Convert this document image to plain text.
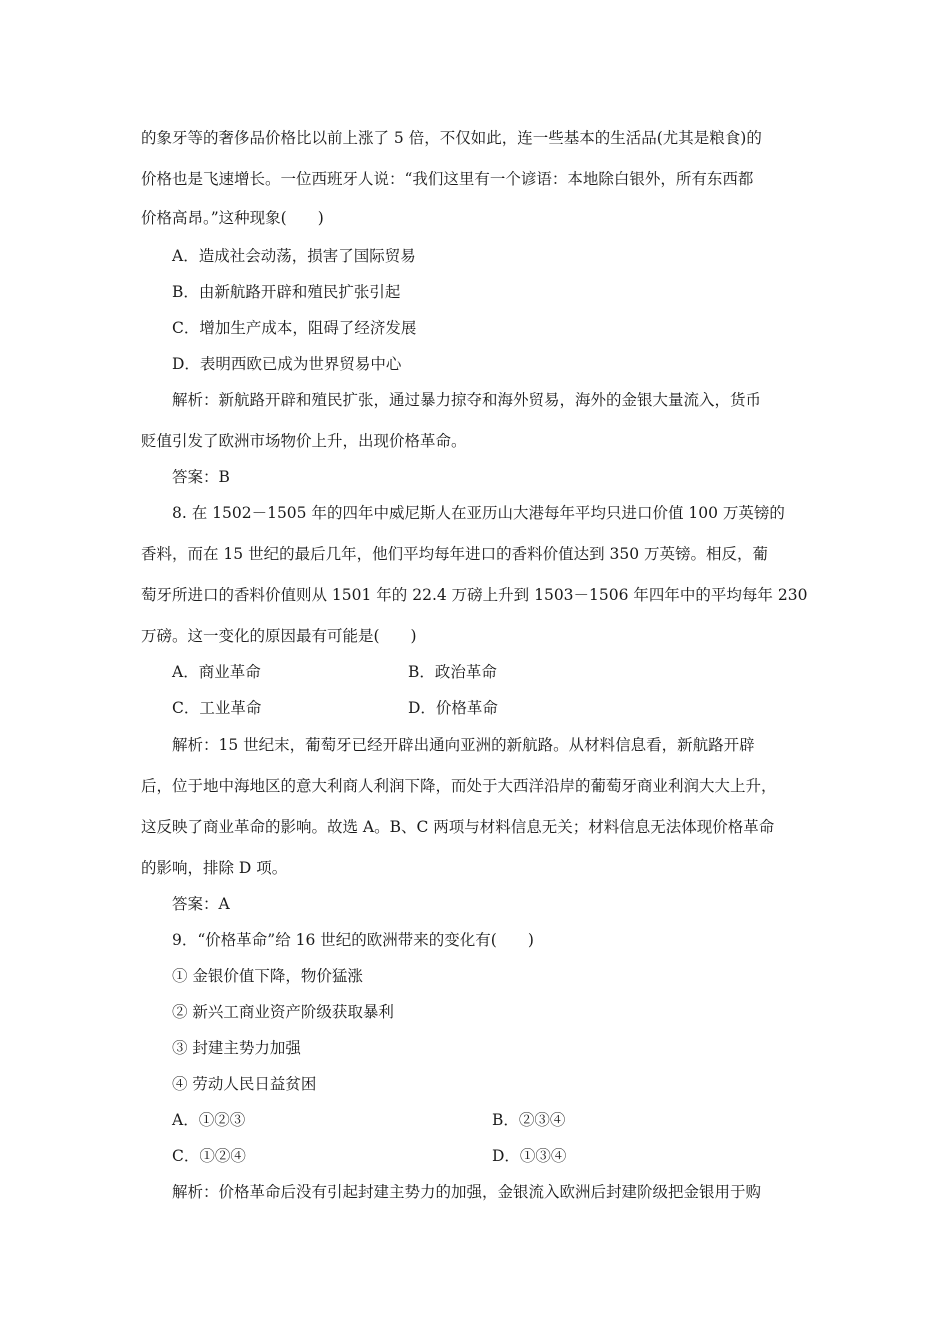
的象牙等的奢侈品价格比以前上涨了 5 倍，不仅如此，连一些基本的生活品(尤其是粮食)的
价格也是飞速增长。一位西班牙人说：“我们这里有一个谚语：本地除白银外，所有东西都
价格高昂。”这种现象(　　)
A．造成社会动荡，损害了国际贸易
B．由新航路开辟和殖民扩张引起
C．增加生产成本，阻碍了经济发展
D．表明西欧已成为世界贸易中心
解析：新航路开辟和殖民扩张，通过暴力掠夺和海外贸易，海外的金银大量流入，货币
贬值引发了欧洲市场物价上升，出现价格革命。
答案：B
8. 在 1502－1505 年的四年中威尼斯人在亚历山大港每年平均只进口价值 100 万英镑的
香料，而在 15 世纪的最后几年，他们平均每年进口的香料价值达到 350 万英镑。相反，葡
萄牙所进口的香料价值则从 1501 年的 22.4 万磅上升到 1503－1506 年四年中的平均每年 230
万磅。这一变化的原因最有可能是(　　)
A．商业革命	B．政治革命
C．工业革命	D．价格革命
解析：15 世纪末，葡萄牙已经开辟出通向亚洲的新航路。从材料信息看，新航路开辟
后，位于地中海地区的意大利商人利润下降，而处于大西洋沿岸的葡萄牙商业利润大大上升，
这反映了商业革命的影响。故选 A。B、C 两项与材料信息无关；材料信息无法体现价格革命
的影响，排除 D 项。
答案：A
9．“价格革命”给 16 世纪的欧洲带来的变化有(　　)
① 金银价值下降，物价猛涨
② 新兴工商业资产阶级获取暴利
③ 封建主势力加强
④ 劳动人民日益贫困
A．①②③	B．②③④
C．①②④	D．①③④
解析：价格革命后没有引起封建主势力的加强，金银流入欧洲后封建阶级把金银用于购
